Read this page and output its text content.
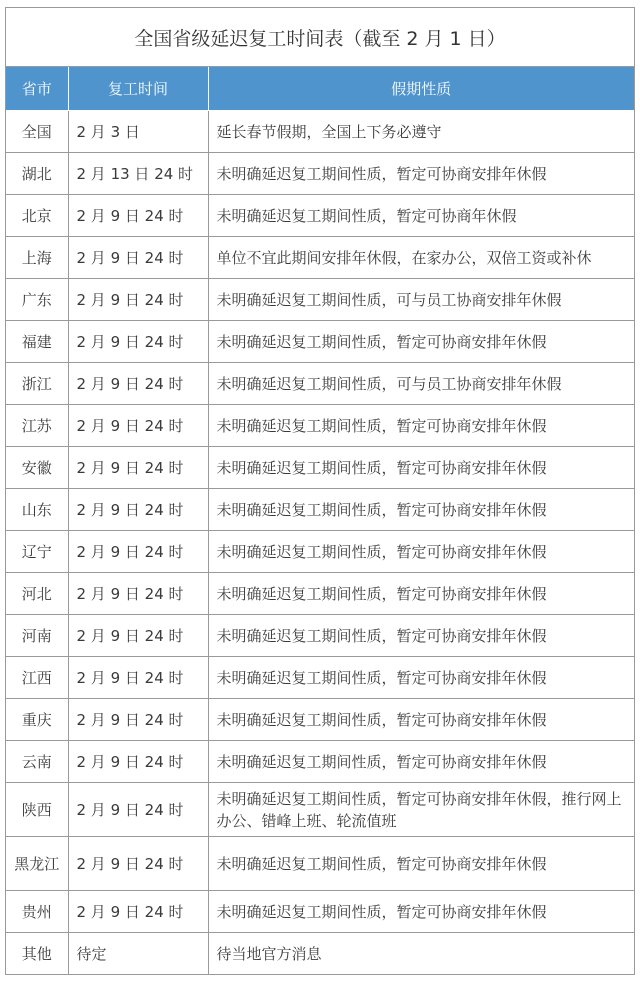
全国省级延迟复工时间表（截至 2 月 1 日）
省市	复工时间	假期性质
全国	2 月 3 日	延长春节假期，全国上下务必遵守
湖北	2 月 13 日 24 时	未明确延迟复工期间性质，暂定可协商安排年休假
北京	2 月 9 日 24 时	未明确延迟复工期间性质，暂定可协商年休假
上海	2 月 9 日 24 时	单位不宜此期间安排年休假，在家办公，双倍工资或补休
广东	2 月 9 日 24 时	未明确延迟复工期间性质，可与员工协商安排年休假
福建	2 月 9 日 24 时	未明确延迟复工期间性质，暂定可协商安排年休假
浙江	2 月 9 日 24 时	未明确延迟复工期间性质，可与员工协商安排年休假
江苏	2 月 9 日 24 时	未明确延迟复工期间性质，暂定可协商安排年休假
安徽	2 月 9 日 24 时	未明确延迟复工期间性质，暂定可协商安排年休假
山东	2 月 9 日 24 时	未明确延迟复工期间性质，暂定可协商安排年休假
辽宁	2 月 9 日 24 时	未明确延迟复工期间性质，暂定可协商安排年休假
河北	2 月 9 日 24 时	未明确延迟复工期间性质，暂定可协商安排年休假
河南	2 月 9 日 24 时	未明确延迟复工期间性质，暂定可协商安排年休假
江西	2 月 9 日 24 时	未明确延迟复工期间性质，暂定可协商安排年休假
重庆	2 月 9 日 24 时	未明确延迟复工期间性质，暂定可协商安排年休假
云南	2 月 9 日 24 时	未明确延迟复工期间性质，暂定可协商安排年休假
陕西	2 月 9 日 24 时	未明确延迟复工期间性质，暂定可协商安排年休假，推行网上办公、错峰上班、轮流值班
黑龙江	2 月 9 日 24 时	未明确延迟复工期间性质，暂定可协商安排年休假
贵州	2 月 9 日 24 时	未明确延迟复工期间性质，暂定可协商安排年休假
其他	待定	待当地官方消息
